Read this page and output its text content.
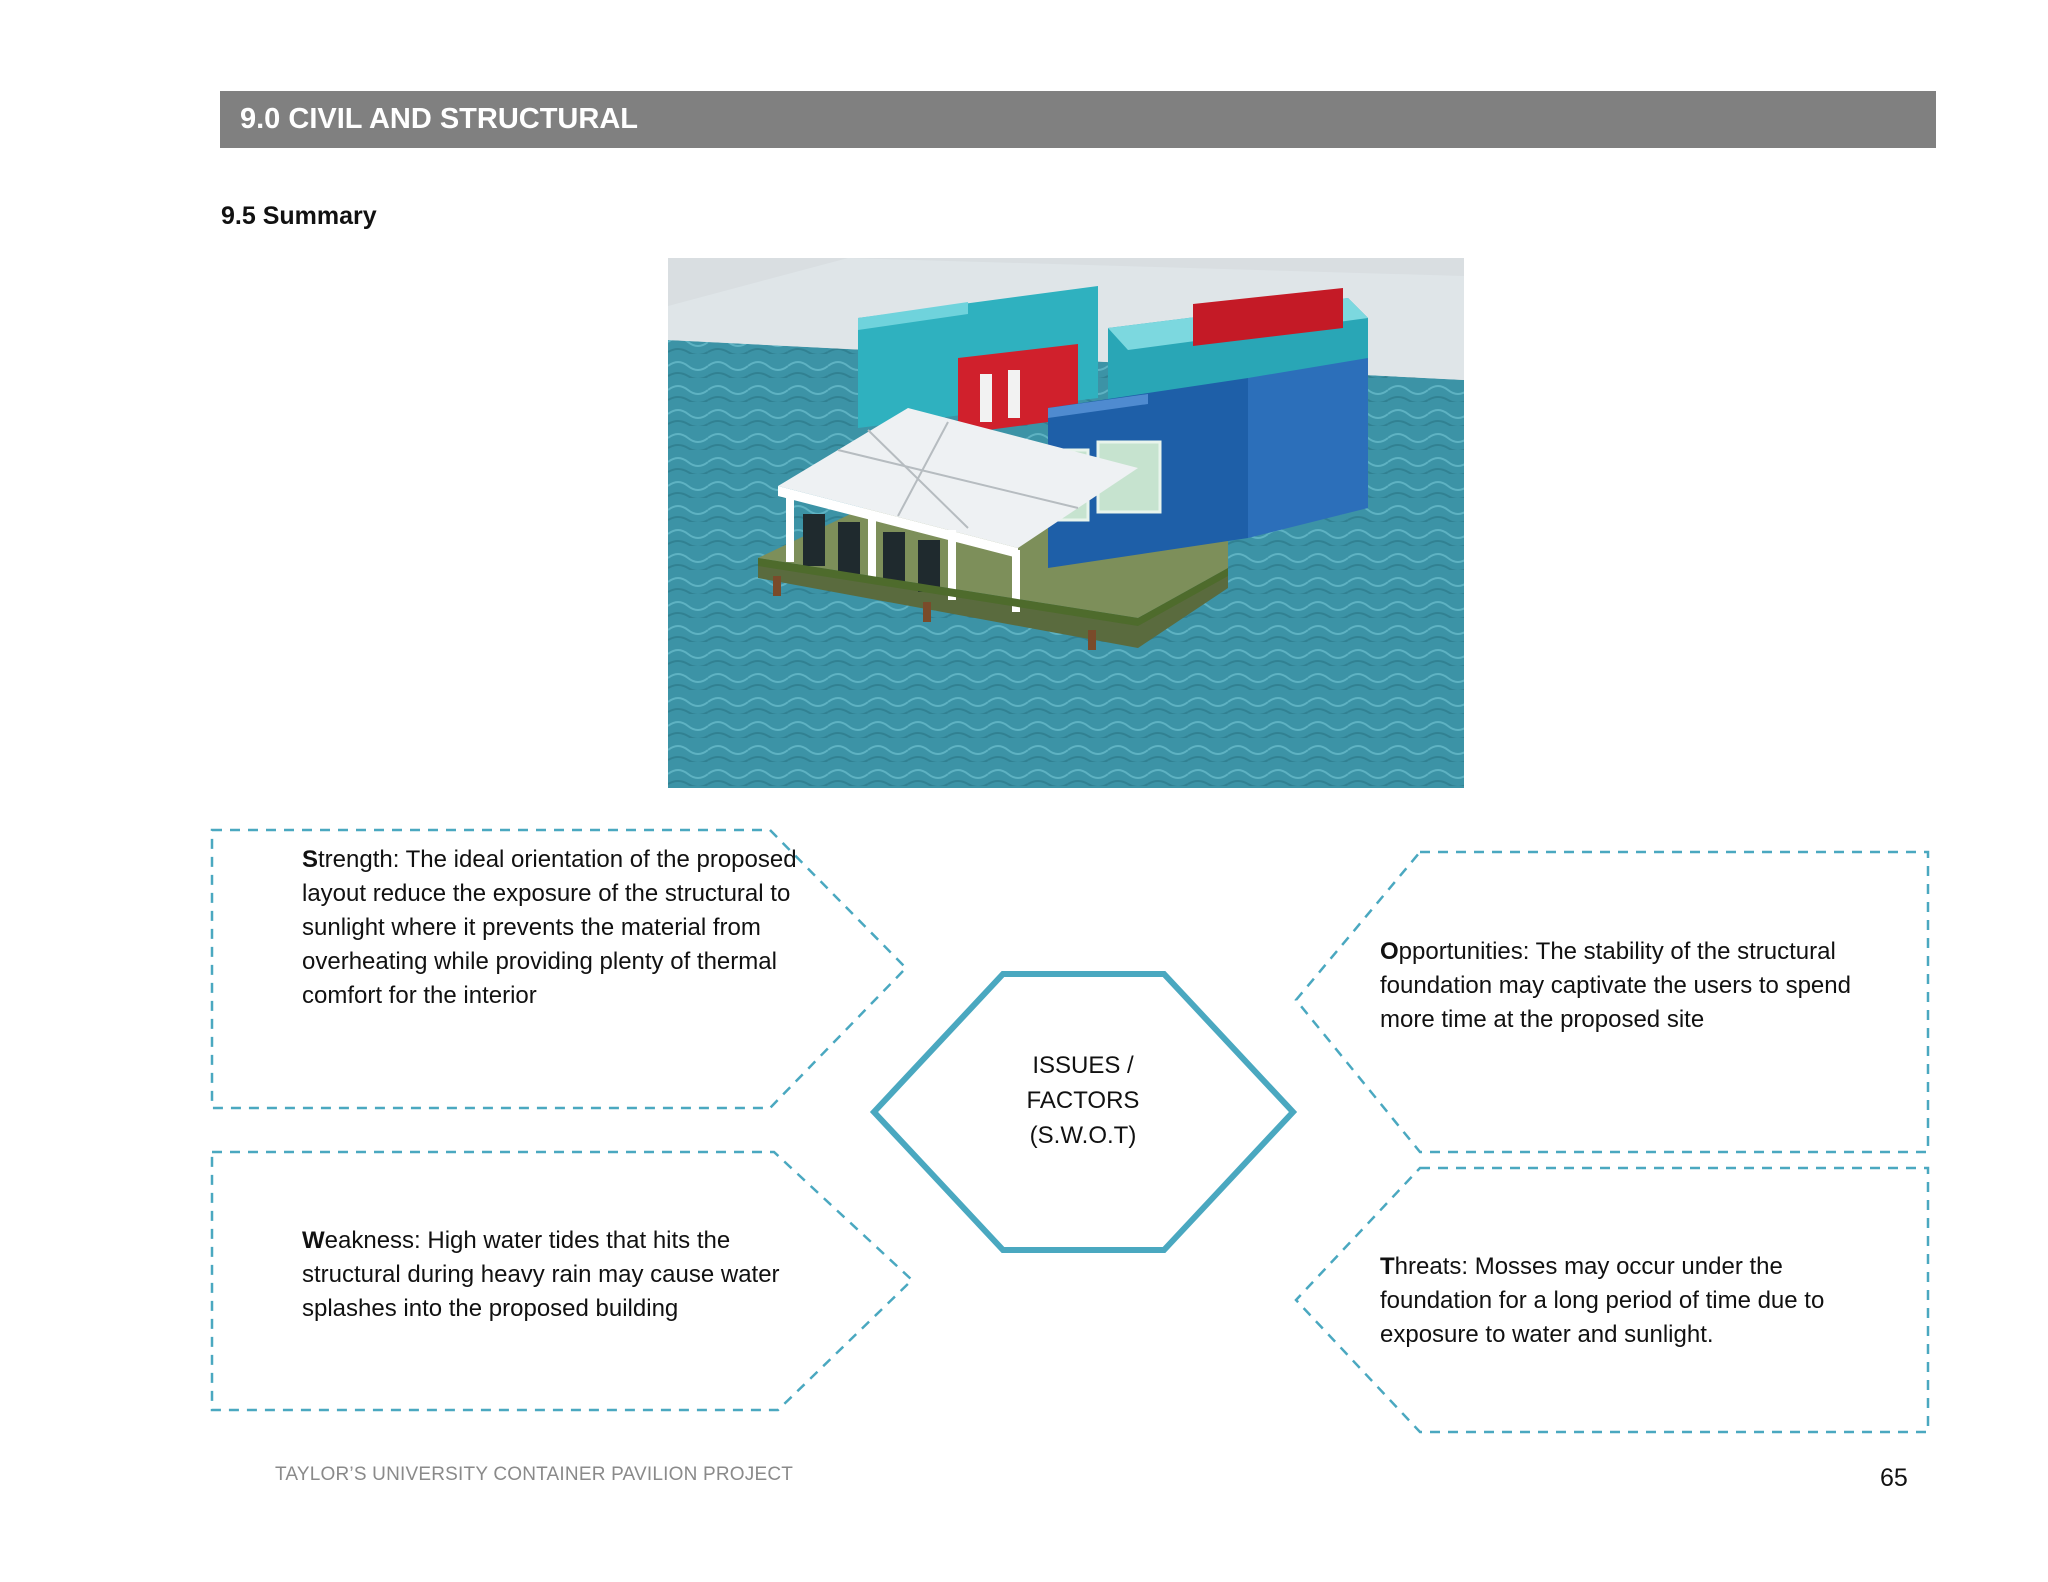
9.0 CIVIL AND STRUCTURAL
9.5 Summary
Strength: The ideal orientation of the proposed layout reduce the exposure of the structural to sunlight where it prevents the material from overheating while providing plenty of thermal comfort for the interior
Weakness: High water tides that hits the structural during heavy rain may cause water splashes into the proposed building
Opportunities: The stability of the structural foundation may captivate the users to spend more time at the proposed site
Threats: Mosses may occur under the foundation for a long period of time due to exposure to water and sunlight.
ISSUES /
FACTORS
(S.W.O.T)
TAYLOR’S UNIVERSITY CONTAINER PAVILION PROJECT	65
